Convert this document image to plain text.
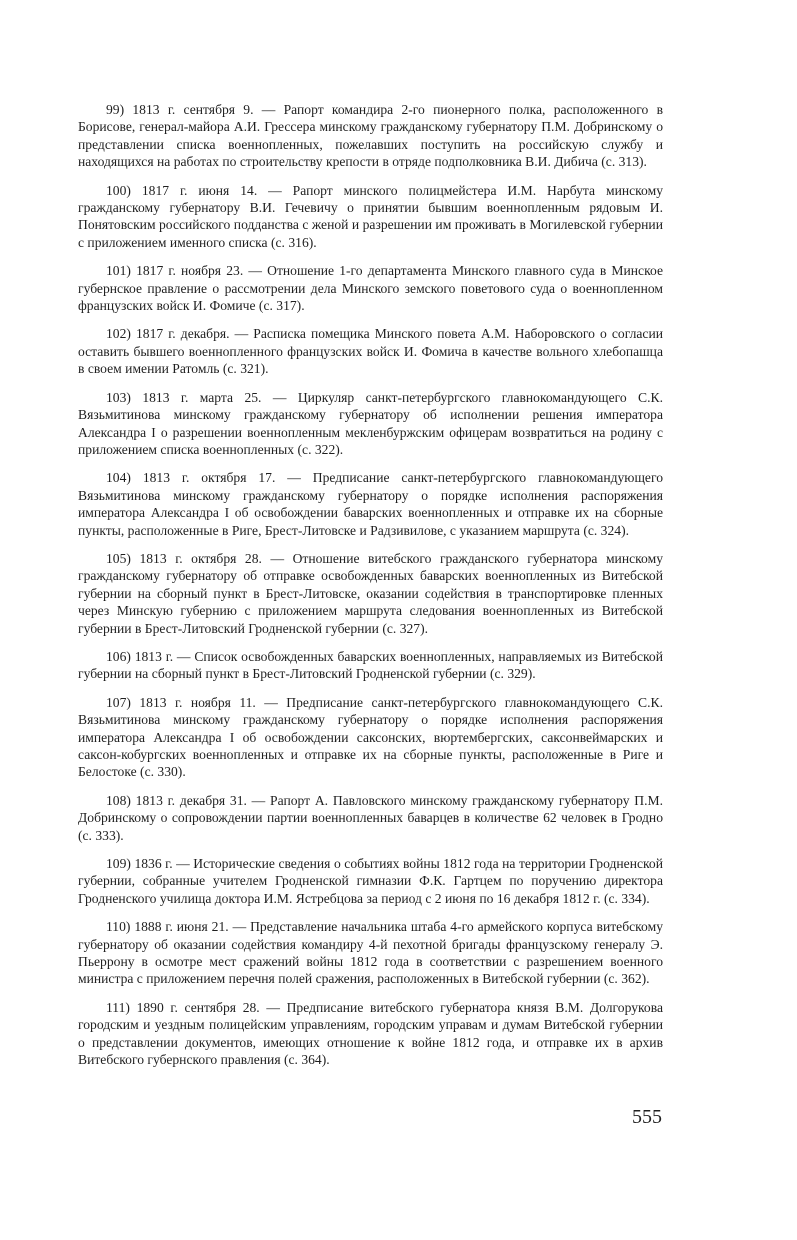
99) 1813 г. сентября 9. — Рапорт командира 2-го пионерного полка, расположенного в Борисове, генерал-майора А.И. Грессера минскому гражданскому губернатору П.М. Добринскому о представлении списка военнопленных, пожелавших поступить на российскую службу и находящихся на работах по строительству крепости в отряде подполковника В.И. Дибича (с. 313).

100) 1817 г. июня 14. — Рапорт минского полицмейстера И.М. Нарбута минскому гражданскому губернатору В.И. Гечевичу о принятии бывшим военнопленным рядовым И. Понятовским российского подданства с женой и разрешении им проживать в Могилевской губернии с приложением именного списка (с. 316).

101) 1817 г. ноября 23. — Отношение 1-го департамента Минского главного суда в Минское губернское правление о рассмотрении дела Минского земского поветового суда о военнопленном французских войск И. Фомиче (с. 317).

102) 1817 г. декабря. — Расписка помещика Минского повета А.М. Наборовского о согласии оставить бывшего военнопленного французских войск И. Фомича в качестве вольного хлебопашца в своем имении Ратомль (с. 321).

103) 1813 г. марта 25. — Циркуляр санкт-петербургского главнокомандующего С.К. Вязьмитинова минскому гражданскому губернатору об исполнении решения императора Александра I о разрешении военнопленным мекленбуржским офицерам возвратиться на родину с приложением списка военнопленных (с. 322).

104) 1813 г. октября 17. — Предписание санкт-петербургского главнокомандующего Вязьмитинова минскому гражданскому губернатору о порядке исполнения распоряжения императора Александра I об освобождении баварских военнопленных и отправке их на сборные пункты, расположенные в Риге, Брест-Литовске и Радзивилове, с указанием маршрута (с. 324).

105) 1813 г. октября 28. — Отношение витебского гражданского губернатора минскому гражданскому губернатору об отправке освобожденных баварских военнопленных из Витебской губернии на сборный пункт в Брест-Литовске, оказании содействия в транспортировке пленных через Минскую губернию с приложением маршрута следования военнопленных из Витебской губернии в Брест-Литовский Гродненской губернии (с. 327).

106) 1813 г. — Список освобожденных баварских военнопленных, направляемых из Витебской губернии на сборный пункт в Брест-Литовский Гродненской губернии (с. 329).

107) 1813 г. ноября 11. — Предписание санкт-петербургского главнокомандующего С.К. Вязьмитинова минскому гражданскому губернатору о порядке исполнения распоряжения императора Александра I об освобождении саксонских, вюртембергских, саксонвеймарских и саксон-кобургских военнопленных и отправке их на сборные пункты, расположенные в Риге и Белостоке (с. 330).

108) 1813 г. декабря 31. — Рапорт А. Павловского минскому гражданскому губернатору П.М. Добринскому о сопровождении партии военнопленных баварцев в количестве 62 человек в Гродно (с. 333).

109) 1836 г. — Исторические сведения о событиях войны 1812 года на территории Гродненской губернии, собранные учителем Гродненской гимназии Ф.К. Гартцем по поручению директора Гродненского училища доктора И.М. Ястребцова за период с 2 июня по 16 декабря 1812 г. (с. 334).

110) 1888 г. июня 21. — Представление начальника штаба 4-го армейского корпуса витебскому губернатору об оказании содействия командиру 4-й пехотной бригады французскому генералу Э. Пьеррону в осмотре мест сражений войны 1812 года в соответствии с разрешением военного министра с приложением перечня полей сражения, расположенных в Витебской губернии (с. 362).

111) 1890 г. сентября 28. — Предписание витебского губернатора князя В.М. Долгорукова городским и уездным полицейским управлениям, городским управам и думам Витебской губернии о представлении документов, имеющих отношение к войне 1812 года, и отправке их в архив Витебского губернского правления (с. 364).

555
